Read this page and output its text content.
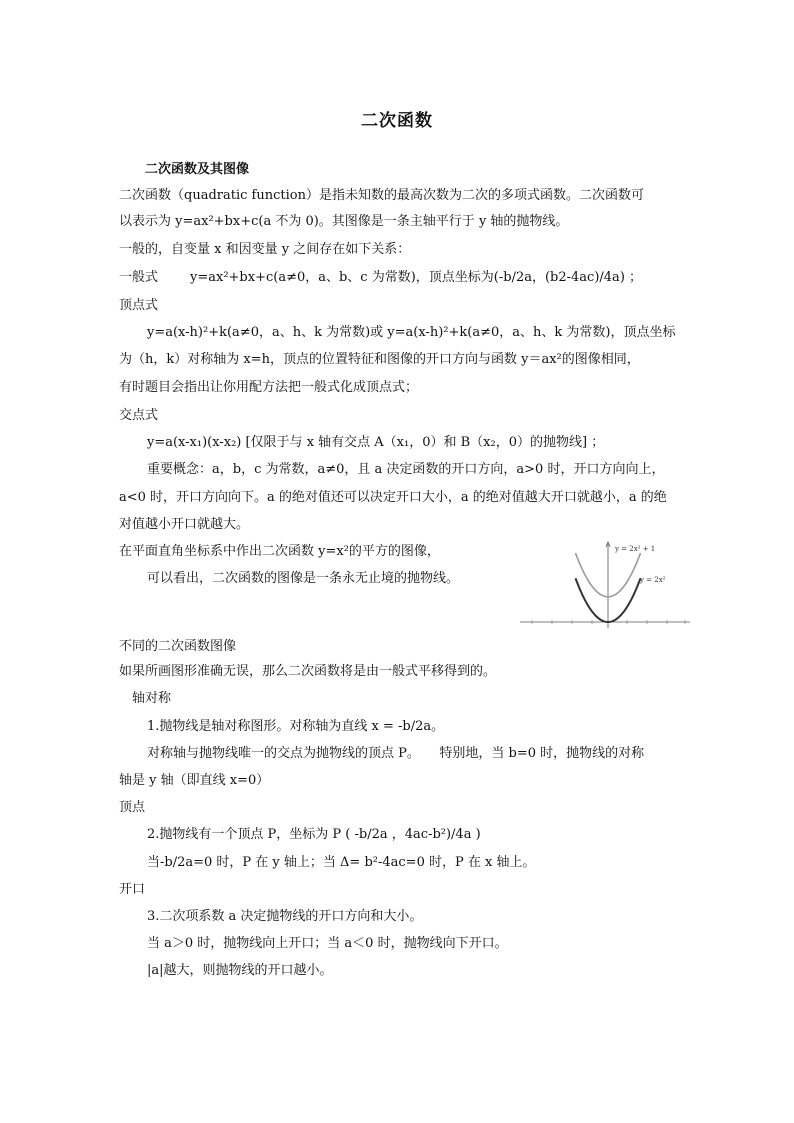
二次函数
二次函数及其图像
二次函数（quadratic function）是指未知数的最高次数为二次的多项式函数。二次函数可
以表示为 y=ax²+bx+c(a 不为 0)。其图像是一条主轴平行于 y 轴的抛物线。
一般的，自变量 x 和因变量 y 之间存在如下关系：
一般式 y=ax²+bx+c(a≠0，a、b、c 为常数)，顶点坐标为(-b/2a，(b2-4ac)/4a) ；
顶点式
y=a(x-h)²+k(a≠0，a、h、k 为常数)或 y=a(x-h)²+k(a≠0，a、h、k 为常数)，顶点坐标
为（h，k）对称轴为 x=h，顶点的位置特征和图像的开口方向与函数 y＝ax²的图像相同，
有时题目会指出让你用配方法把一般式化成顶点式；
交点式
y=a(x-x₁)(x-x₂) [仅限于与 x 轴有交点 A（x₁，0）和 B（x₂，0）的抛物线] ；
重要概念：a，b，c 为常数，a≠0，且 a 决定函数的开口方向，a>0 时，开口方向向上，
a<0 时，开口方向向下。a 的绝对值还可以决定开口大小，a 的绝对值越大开口就越小，a 的绝
对值越小开口就越大。
在平面直角坐标系中作出二次函数 y=x²的平方的图像，
可以看出，二次函数的图像是一条永无止境的抛物线。
y = 2x² + 1
y = 2x²
不同的二次函数图像
如果所画图形准确无误，那么二次函数将是由一般式平移得到的。
轴对称
1.抛物线是轴对称图形。对称轴为直线 x = -b/2a。
对称轴与抛物线唯一的交点为抛物线的顶点 P。　　特别地，当 b=0 时，抛物线的对称
轴是 y 轴（即直线 x=0）
顶点
2.抛物线有一个顶点 P，坐标为 P ( -b/2a ，4ac-b²)/4a )
当-b/2a=0 时，P 在 y 轴上；当 Δ= b²-4ac=0 时，P 在 x 轴上。
开口
3.二次项系数 a 决定抛物线的开口方向和大小。
当 a＞0 时，抛物线向上开口；当 a＜0 时，抛物线向下开口。
|a|越大，则抛物线的开口越小。
